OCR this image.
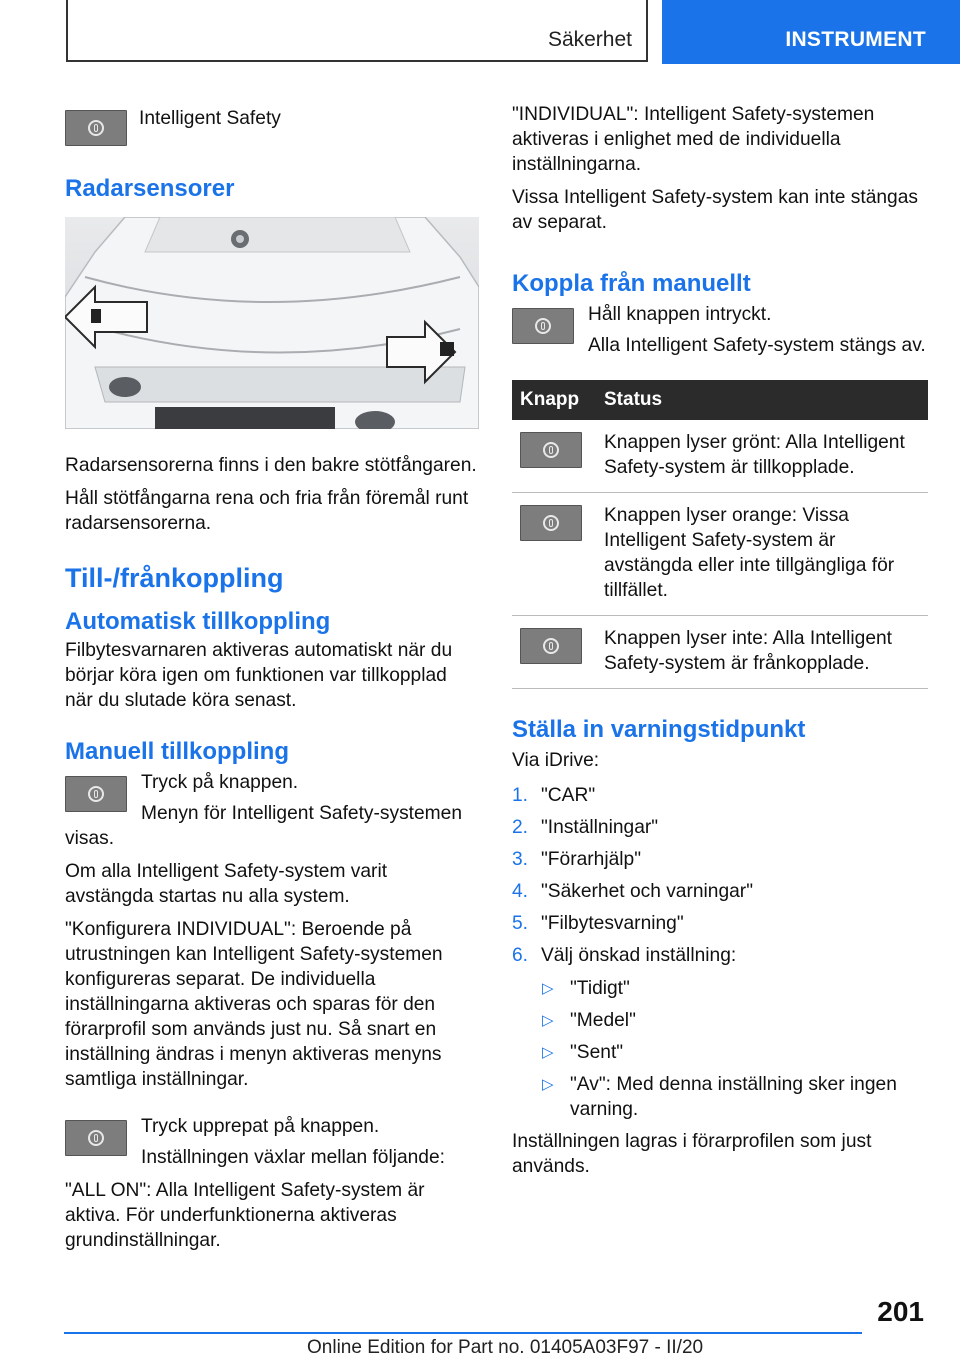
Säkerhet	INSTRUMENT

Intelligent Safety

Radarsensorer

Radarsensorerna finns i den bakre stötfångaren.

Håll stötfångarna rena och fria från föremål runt radarsensorerna.

Till-/frånkoppling

Automatisk tillkoppling

Filbytesvarnaren aktiveras automatiskt när du börjar köra igen om funktionen var tillkopplad när du slutade köra senast.

Manuell tillkoppling

Tryck på knappen.

Menyn för Intelligent Safety-systemen visas.

Om alla Intelligent Safety-system varit avstängda startas nu alla system.

"Konfigurera INDIVIDUAL": Beroende på utrustningen kan Intelligent Safety-systemen konfigureras separat. De individuella inställningarna aktiveras och sparas för den förarprofil som används just nu. Så snart en inställning ändras i menyn aktiveras menyns samtliga inställningar.

Tryck upprepat på knappen.

Inställningen växlar mellan följande:

"ALL ON": Alla Intelligent Safety-system är aktiva. För underfunktionerna aktiveras grundinställningar.

"INDIVIDUAL": Intelligent Safety-systemen aktiveras i enlighet med de individuella inställningarna.

Vissa Intelligent Safety-system kan inte stängas av separat.

Koppla från manuellt

Håll knappen intryckt.

Alla Intelligent Safety-system stängs av.

Knapp	Status

	Knappen lyser grönt: Alla Intelligent Safety-system är tillkopplade.

	Knappen lyser orange: Vissa Intelligent Safety-system är avstängda eller inte tillgängliga för tillfället.

	Knappen lyser inte: Alla Intelligent Safety-system är frånkopplade.

Ställa in varningstidpunkt

Via iDrive:

1. "CAR"
2. "Inställningar"
3. "Förarhjälp"
4. "Säkerhet och varningar"
5. "Filbytesvarning"
6. Välj önskad inställning:
▷ "Tidigt"
▷ "Medel"
▷ "Sent"
▷ "Av": Med denna inställning sker ingen varning.

Inställningen lagras i förarprofilen som just används.

201
Online Edition for Part no. 01405A03F97 - II/20
